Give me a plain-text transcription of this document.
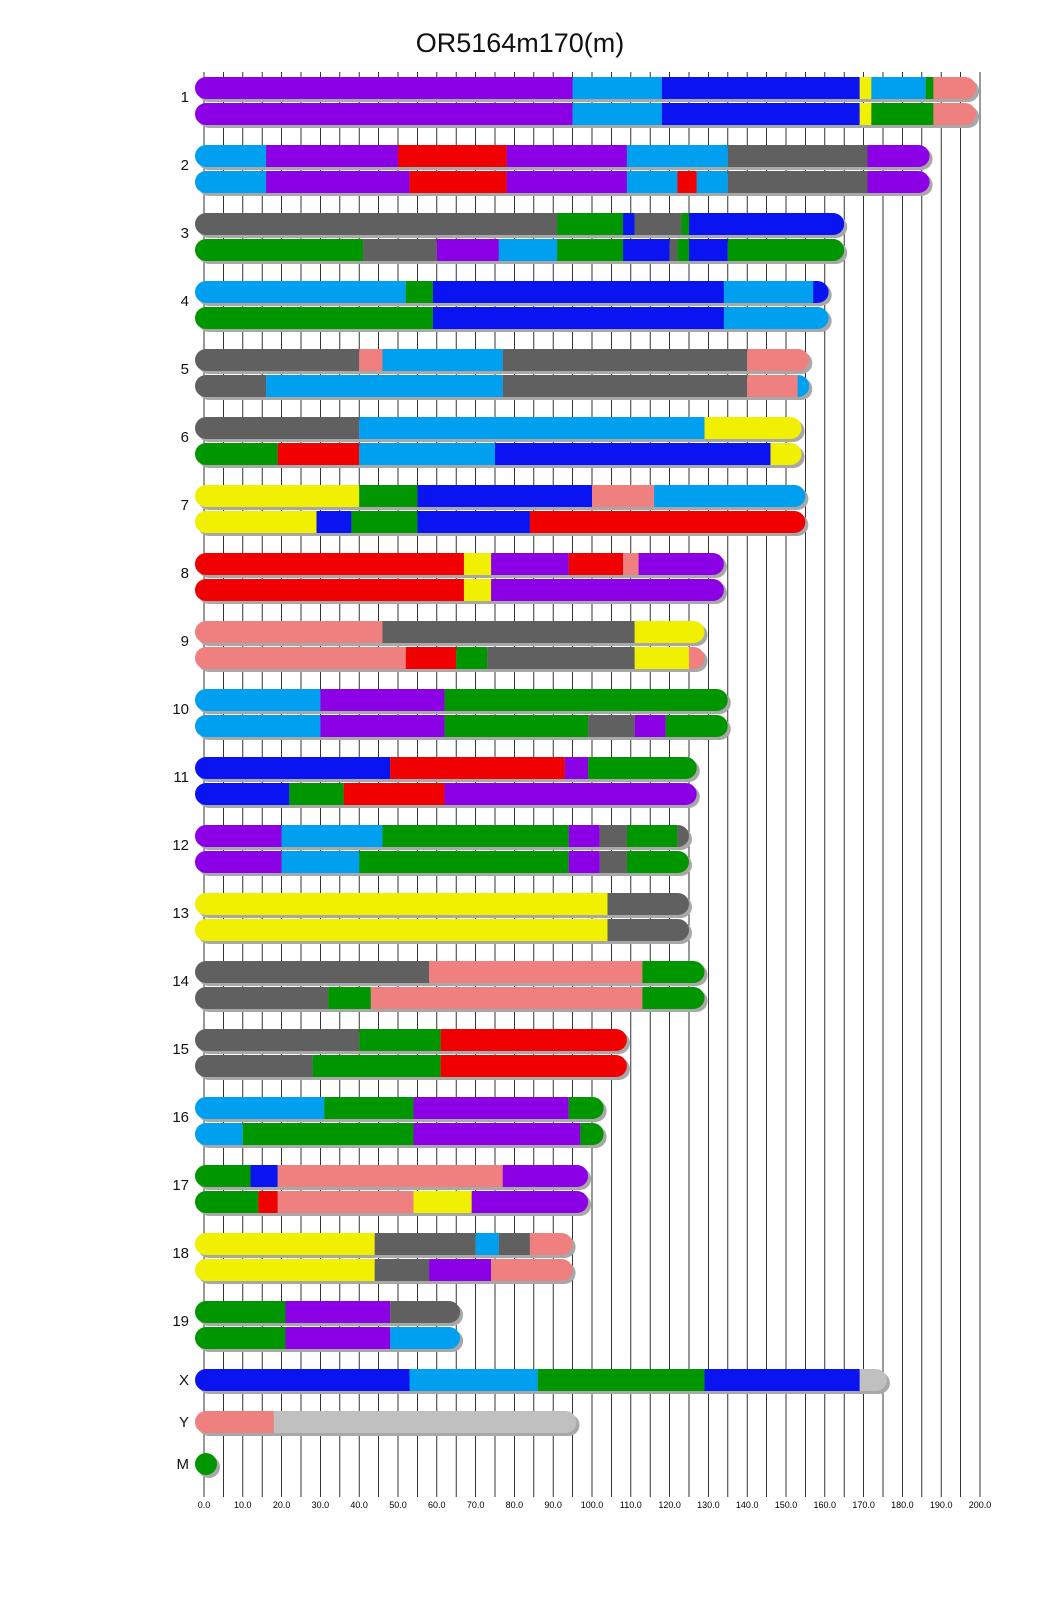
OR5164m170(m)
0.0	10.0 20.0 30.0 40.0 50.0 60.0 70.0 80.0 90.0 100.0 110.0 120.0 130.0 140.0 150.0 160.0 170.0 180.0 190.0 200.0
1
2
3
4
5
6
7
8
9
10
11
12
13
14
15
16
17
18
19
X
Y
M
